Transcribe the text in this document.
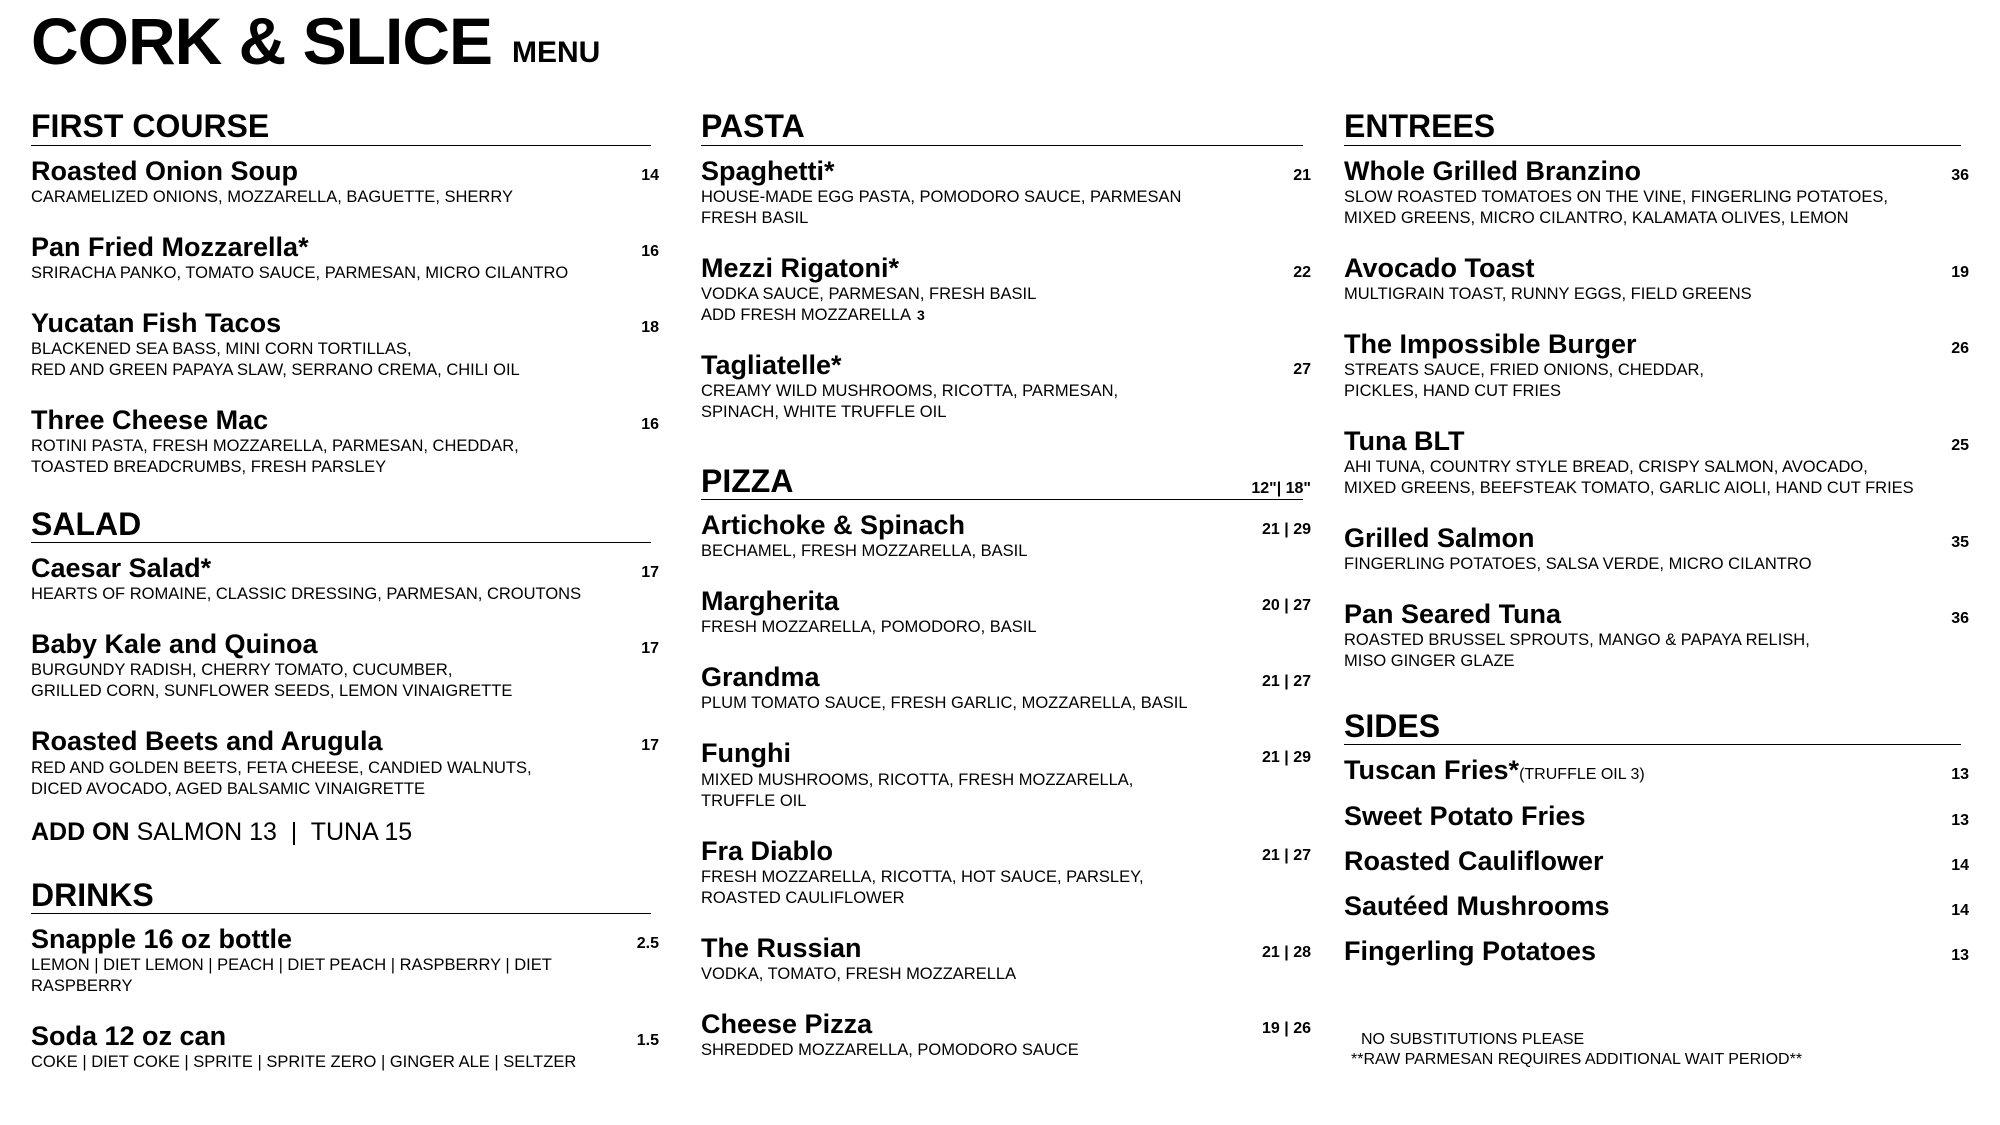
CORK & SLICE MENU
FIRST COURSE
Roasted Onion Soup	14
CARAMELIZED ONIONS, MOZZARELLA, BAGUETTE, SHERRY
Pan Fried Mozzarella*	16
SRIRACHA PANKO, TOMATO SAUCE, PARMESAN, MICRO CILANTRO
Yucatan Fish Tacos	18
BLACKENED SEA BASS, MINI CORN TORTILLAS,
RED AND GREEN PAPAYA SLAW, SERRANO CREMA, CHILI OIL
Three Cheese Mac	16
ROTINI PASTA, FRESH MOZZARELLA, PARMESAN, CHEDDAR,
TOASTED BREADCRUMBS, FRESH PARSLEY
SALAD
Caesar Salad*	17
HEARTS OF ROMAINE, CLASSIC DRESSING, PARMESAN, CROUTONS
Baby Kale and Quinoa	17
BURGUNDY RADISH, CHERRY TOMATO, CUCUMBER,
GRILLED CORN, SUNFLOWER SEEDS, LEMON VINAIGRETTE
Roasted Beets and Arugula	17
RED AND GOLDEN BEETS, FETA CHEESE, CANDIED WALNUTS,
DICED AVOCADO, AGED BALSAMIC VINAIGRETTE
ADD ON SALMON 13  |  TUNA 15
DRINKS
Snapple 16 oz bottle	2.5
LEMON | DIET LEMON | PEACH | DIET PEACH | RASPBERRY | DIET RASPBERRY
Soda 12 oz can	1.5
COKE | DIET COKE | SPRITE | SPRITE ZERO | GINGER ALE | SELTZER
PASTA
Spaghetti*	21
HOUSE-MADE EGG PASTA, POMODORO SAUCE, PARMESAN
FRESH BASIL
Mezzi Rigatoni*	22
VODKA SAUCE, PARMESAN, FRESH BASIL
ADD FRESH MOZZARELLA 3
Tagliatelle*	27
CREAMY WILD MUSHROOMS, RICOTTA, PARMESAN,
SPINACH, WHITE TRUFFLE OIL
PIZZA	12"| 18"
Artichoke & Spinach	21 | 29
BECHAMEL, FRESH MOZZARELLA, BASIL
Margherita	20 | 27
FRESH MOZZARELLA, POMODORO, BASIL
Grandma	21 | 27
PLUM TOMATO SAUCE, FRESH GARLIC, MOZZARELLA, BASIL
Funghi	21 | 29
MIXED MUSHROOMS, RICOTTA, FRESH MOZZARELLA,
TRUFFLE OIL
Fra Diablo	21 | 27
FRESH MOZZARELLA, RICOTTA, HOT SAUCE, PARSLEY,
ROASTED CAULIFLOWER
The Russian	21 | 28
VODKA, TOMATO, FRESH MOZZARELLA
Cheese Pizza	19 | 26
SHREDDED MOZZARELLA, POMODORO SAUCE
ENTREES
Whole Grilled Branzino	36
SLOW ROASTED TOMATOES ON THE VINE, FINGERLING POTATOES,
MIXED GREENS, MICRO CILANTRO, KALAMATA OLIVES, LEMON
Avocado Toast	19
MULTIGRAIN TOAST, RUNNY EGGS, FIELD GREENS
The Impossible Burger	26
STREATS SAUCE, FRIED ONIONS, CHEDDAR,
PICKLES, HAND CUT FRIES
Tuna BLT	25
AHI TUNA, COUNTRY STYLE BREAD, CRISPY SALMON, AVOCADO,
MIXED GREENS, BEEFSTEAK TOMATO, GARLIC AIOLI, HAND CUT FRIES
Grilled Salmon	35
FINGERLING POTATOES, SALSA VERDE, MICRO CILANTRO
Pan Seared Tuna	36
ROASTED BRUSSEL SPROUTS, MANGO & PAPAYA RELISH,
MISO GINGER GLAZE
SIDES
Tuscan Fries*(TRUFFLE OIL 3)	13
Sweet Potato Fries	13
Roasted Cauliflower	14
Sautéed Mushrooms	14
Fingerling Potatoes	13
NO SUBSTITUTIONS PLEASE
**RAW PARMESAN REQUIRES ADDITIONAL WAIT PERIOD**
